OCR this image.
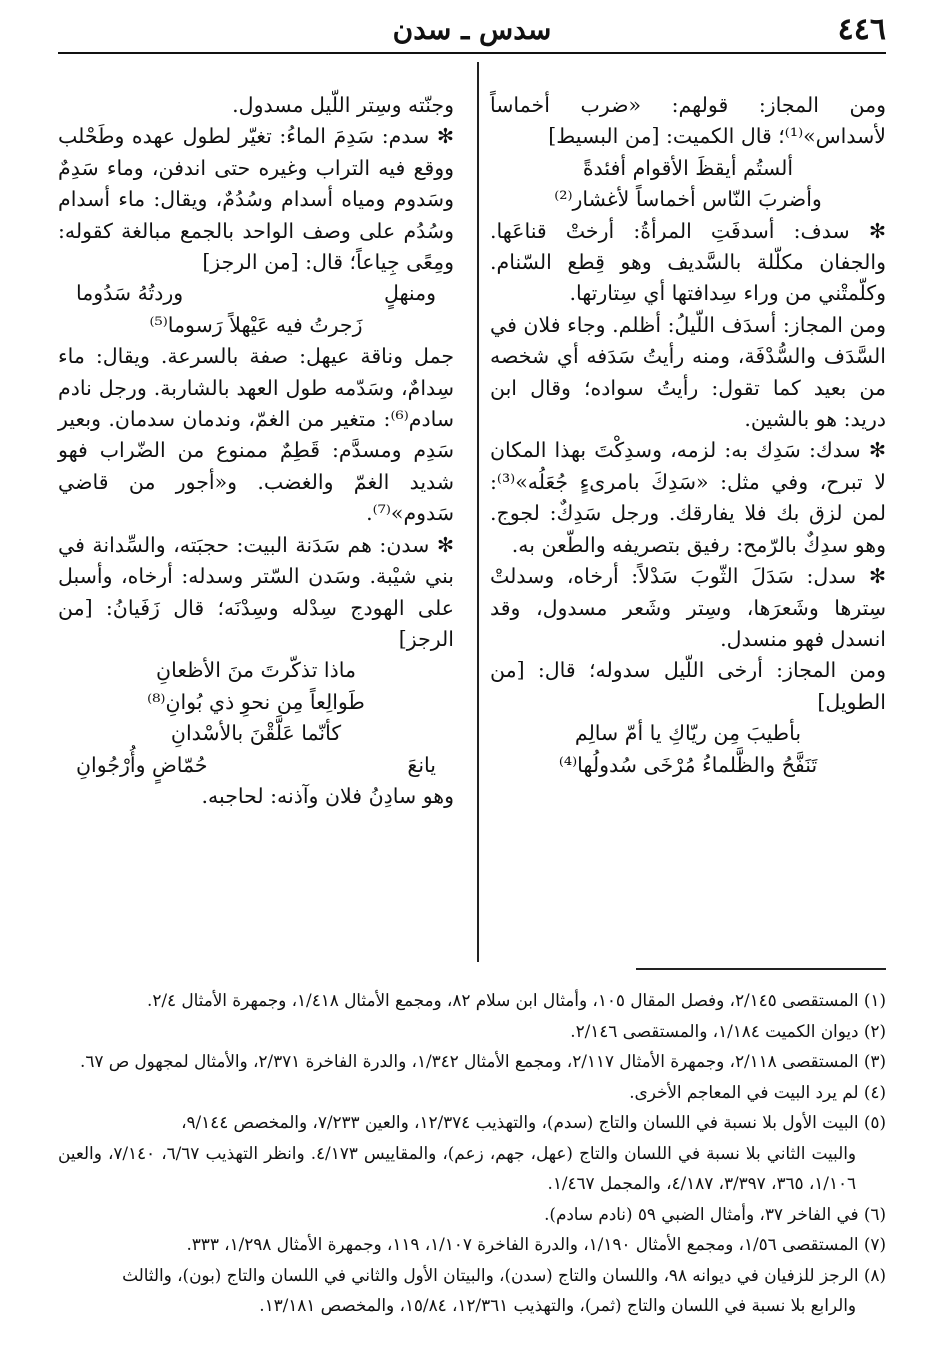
٤٤٦
سدس ـ سدن

ومن المجاز: قولهم: «ضرب أخماساً لأسداس»⁽¹⁾؛ قال الكميت: [من البسيط]

ألستُم أيقظَ الأقوام أفئدةً
وأضربَ النّاس أخماساً لأغشار⁽²⁾

✻ سدف: أسدفَتِ المرأةُ: أرختْ قناعَها. والجفان مكلّلة بالسَّديف وهو قِطع السّنام. وكلّمتْني من وراء سِدافتها أي سِتارتها.

ومن المجاز: أسدَف اللّيلُ: أظلم. وجاء فلان في السَّدَف والسُّدْفَة، ومنه رأيتُ سَدَفه أي شخصه من بعيد كما تقول: رأيتُ سواده؛ وقال ابن دريد: هو بالشين.

✻ سدك: سَدِك به: لزمه، وسدِكْتَ بهذا المكان لا تبرح، وفي مثل: «سَدِكَ بامرىءٍ جُعَلُه»⁽³⁾: لمن لزق بك فلا يفارقك. ورجل سَدِكٌ: لجوج. وهو سدِكٌ بالرّمح: رفيق بتصريفه والطّعن به.

✻ سدل: سَدَلَ الثّوبَ سَدْلاً: أرخاه، وسدلتْ سِترها وشَعرَها، وسِتر وشَعر مسدول، وقد انسدل فهو منسدل.

ومن المجاز: أرخى اللّيل سدوله؛ قال: [من الطويل]

بأطيبَ مِن ريّاكِ يا أمّ سالِم
تَنَفَّحُ والظَّلماءُ مُرْخَى سُدولُها⁽⁴⁾

وجنّته وسِتر اللّيل مسدول.

✻ سدم: سَدِمَ الماءُ: تغيّر لطول عهده وطَحْلب ووقع فيه التراب وغيره حتى اندفن، وماء سَدِمٌ وسَدوم ومياه أسدام وسُدُمٌ، ويقال: ماء أسدام وسُدُم على وصف الواحد بالجمع مبالغة كقوله: ومِعًى جِياعاً؛ قال: [من الرجز]

ومنهلٍ
وردتُهُ سَدُوما
زَجرتُ فيه عَيْهلاً رَسوما⁽⁵⁾

جمل وناقة عيهل: صفة بالسرعة. ويقال: ماء سِدامٌ، وسَدّمه طول العهد بالشاربة. ورجل نادم سادم⁽⁶⁾: متغير من الغمّ، وندمان سدمان. وبعير سَدِم ومسدَّم: قَطِمٌ ممنوع من الضّراب فهو شديد الغمّ والغضب. و«أجور من قاضي سَدوم»⁽⁷⁾.

✻ سدن: هم سَدَنة البيت: حجبَته، والسِّدانة في بني شيْبة. وسَدن السّتر وسدله: أرخاه، وأسبل على الهودج سِدْله وسِدْنَه؛ قال زَفَيانُ: [من الرجز]

ماذا تذكّرتَ منَ الأظعانِ
طَوالِعاً مِن نحوِ ذي بُوانِ⁽⁸⁾
كأنّما عَلَّقْنَ بالأسْدانِ
يانعَ
حُمّاضٍ وأُرْجُوانِ

وهو سادِنُ فلان وآذنه: لحاجبه.

(١) المستقصى ٢/١٤٥، وفصل المقال ١٠٥، وأمثال ابن سلام ٨٢، ومجمع الأمثال ١/٤١٨، وجمهرة الأمثال ٢/٤.

(٢) ديوان الكميت ١/١٨٤، والمستقصى ٢/١٤٦.

(٣) المستقصى ٢/١١٨، وجمهرة الأمثال ٢/١١٧، ومجمع الأمثال ١/٣٤٢، والدرة الفاخرة ٢/٣٧١، والأمثال لمجهول ص ٦٧.

(٤) لم يرد البيت في المعاجم الأخرى.

(٥) البيت الأول بلا نسبة في اللسان والتاج (سدم)، والتهذيب ١٢/٣٧٤، والعين ٧/٢٣٣، والمخصص ٩/١٤٤،

والبيت الثاني بلا نسبة في اللسان والتاج (عهل، جهم، زعم)، والمقاييس ٤/١٧٣. وانظر التهذيب ٦/٦٧، ٧/١٤٠، والعين ١/١٠٦، ٣٦٥، ٣/٣٩٧، ٤/١٨٧، والمجمل ١/٤٦٧.

(٦) في الفاخر ٣٧، وأمثال الضبي ٥٩ (نادم سادم).

(٧) المستقصى ١/٥٦، ومجمع الأمثال ١/١٩٠، والدرة الفاخرة ١/١٠٧، ١١٩، وجمهرة الأمثال ١/٢٩٨، ٣٣٣.

(٨) الرجز للزفيان في ديوانه ٩٨، واللسان والتاج (سدن)، والبيتان الأول والثاني في اللسان والتاج (بون)، والثالث

والرابع بلا نسبة في اللسان والتاج (ثمر)، والتهذيب ١٢/٣٦١، ١٥/٨٤، والمخصص ١٣/١٨١.
